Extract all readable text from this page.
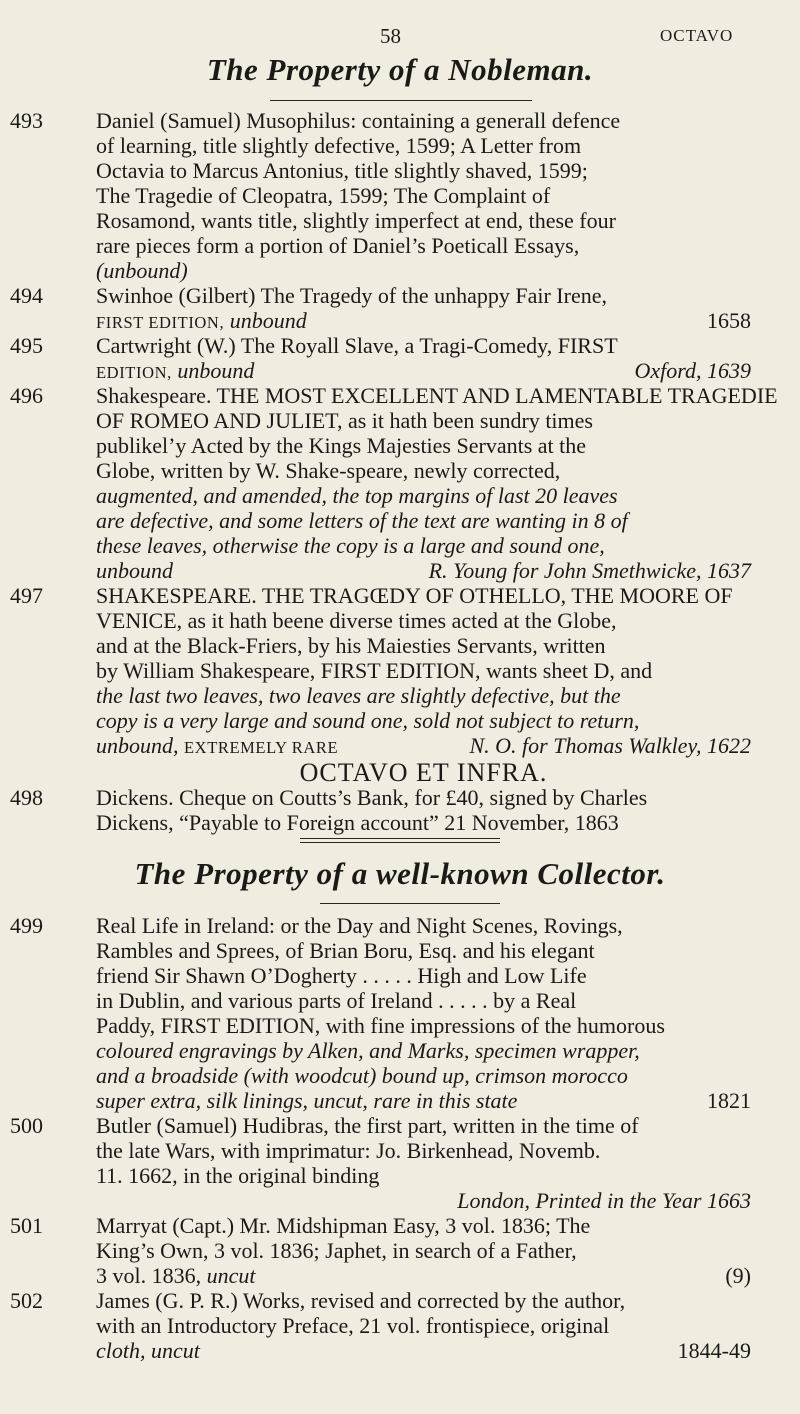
58	OCTAVO
The Property of a Nobleman.
493 Daniel (Samuel) Musophilus: containing a generall defence

of learning, title slightly defective, 1599; A Letter from

Octavia to Marcus Antonius, title slightly shaved, 1599;

The Tragedie of Cleopatra, 1599; The Complaint of

Rosamond, wants title, slightly imperfect at end, these four

rare pieces form a portion of Daniel’s Poeticall Essays,

(unbound)

494 Swinhoe (Gilbert) The Tragedy of the unhappy Fair Irene,

FIRST EDITION, unbound	1658

495 Cartwright (W.) The Royall Slave, a Tragi-Comedy, FIRST

EDITION, unbound	Oxford, 1639

496 Shakespeare. THE MOST EXCELLENT AND LAMENTABLE TRAGEDIE

OF ROMEO AND JULIET, as it hath been sundry times

publikel’y Acted by the Kings Majesties Servants at the

Globe, written by W. Shake-speare, newly corrected,

augmented, and amended, the top margins of last 20 leaves

are defective, and some letters of the text are wanting in 8 of

these leaves, otherwise the copy is a large and sound one,

unbound	R. Young for John Smethwicke, 1637

497 SHAKESPEARE. THE TRAGŒDY OF OTHELLO, THE MOORE OF

VENICE, as it hath beene diverse times acted at the Globe,

and at the Black-Friers, by his Maiesties Servants, written

by William Shakespeare, FIRST EDITION, wants sheet D, and

the last two leaves, two leaves are slightly defective, but the

copy is a very large and sound one, sold not subject to return,

unbound, EXTREMELY RARE	N. O. for Thomas Walkley, 1622

OCTAVO ET INFRA.

498 Dickens. Cheque on Coutts’s Bank, for £40, signed by Charles

Dickens, “Payable to Foreign account” 21 November, 1863

The Property of a well-known Collector.
499 Real Life in Ireland: or the Day and Night Scenes, Rovings,

Rambles and Sprees, of Brian Boru, Esq. and his elegant

friend Sir Shawn O’Dogherty . . . . . High and Low Life

in Dublin, and various parts of Ireland . . . . . by a Real

Paddy, FIRST EDITION, with fine impressions of the humorous

coloured engravings by Alken, and Marks, specimen wrapper,

and a broadside (with woodcut) bound up, crimson morocco

super extra, silk linings, uncut, rare in this state	1821

500 Butler (Samuel) Hudibras, the first part, written in the time of

the late Wars, with imprimatur: Jo. Birkenhead, Novemb.

11. 1662, in the original binding

London, Printed in the Year 1663

501 Marryat (Capt.) Mr. Midshipman Easy, 3 vol. 1836; The

King’s Own, 3 vol. 1836; Japhet, in search of a Father,

3 vol. 1836, uncut	(9)

502 James (G. P. R.) Works, revised and corrected by the author,

with an Introductory Preface, 21 vol. frontispiece, original

cloth, uncut	1844-49
